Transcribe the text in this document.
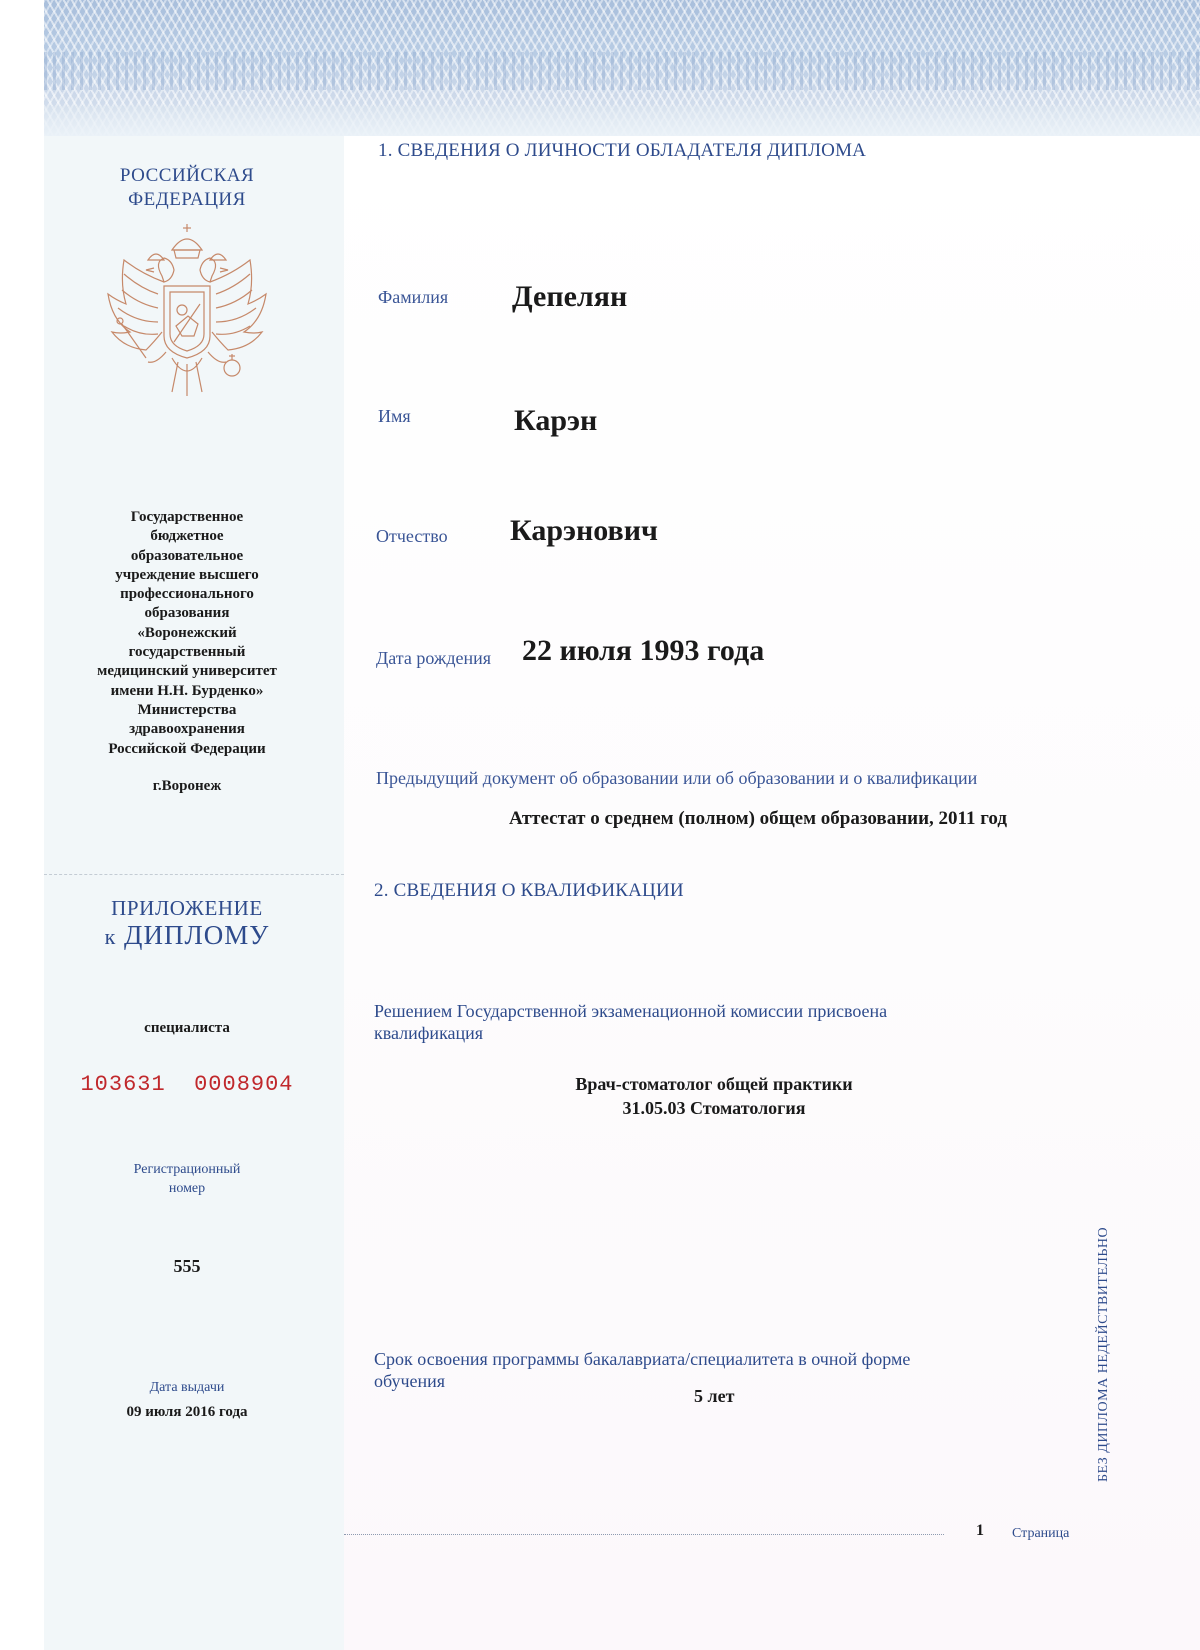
РОССИЙСКАЯ
ФЕДЕРАЦИЯ
Государственное
бюджетное
образовательное
учреждение высшего
профессионального
образования
«Воронежский
государственный
медицинский университет
имени Н.Н. Бурденко»
Министерства
здравоохранения
Российской Федерации
г.Воронеж
ПРИЛОЖЕНИЕ
к ДИПЛОМУ
специалиста
103631  0008904
Регистрационный
номер
555
Дата выдачи
09 июля 2016 года
1. СВЕДЕНИЯ О ЛИЧНОСТИ ОБЛАДАТЕЛЯ ДИПЛОМА
Фамилия Депелян
Имя	Карэн
Отчество Карэнович
Дата рождения 22 июля 1993 года
Предыдущий документ об образовании или об образовании и о квалификации
Аттестат о среднем (полном) общем образовании, 2011 год
2. СВЕДЕНИЯ О КВАЛИФИКАЦИИ
Решением Государственной экзаменационной комиссии присвоена
квалификация
Врач-стоматолог общей практики
31.05.03 Стоматология
Срок освоения программы бакалавриата/специалитета в очной форме
обучения
5 лет
1 Страница
БЕЗ ДИПЛОМА НЕДЕЙСТВИТЕЛЬНО
